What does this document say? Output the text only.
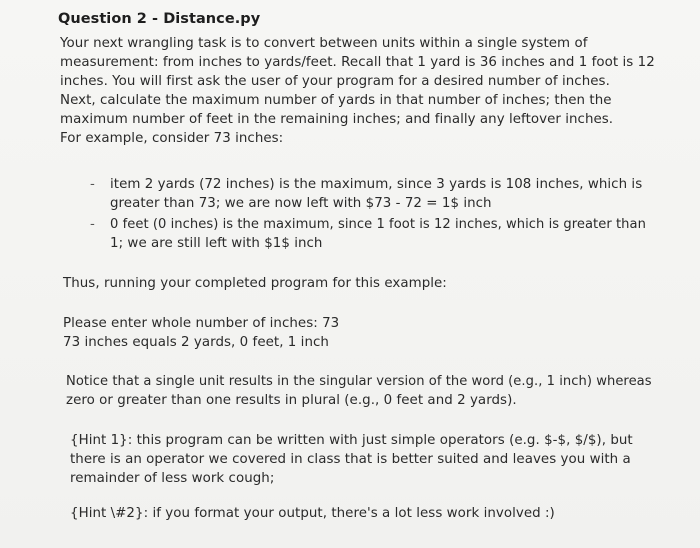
Question 2 - Distance.py
Your next wrangling task is to convert between units within a single system of
measurement: from inches to yards/feet. Recall that 1 yard is 36 inches and 1 foot is 12
inches. You will first ask the user of your program for a desired number of inches.
Next, calculate the maximum number of yards in that number of inches; then the
maximum number of feet in the remaining inches; and finally any leftover inches.
For example, consider 73 inches:
- item 2 yards (72 inches) is the maximum, since 3 yards is 108 inches, which is
greater than 73; we are now left with $73 - 72 = 1$ inch
- 0 feet (0 inches) is the maximum, since 1 foot is 12 inches, which is greater than
1; we are still left with $1$ inch
Thus, running your completed program for this example:
Please enter whole number of inches: 73
73 inches equals 2 yards, 0 feet, 1 inch
Notice that a single unit results in the singular version of the word (e.g., 1 inch) whereas
zero or greater than one results in plural (e.g., 0 feet and 2 yards).
{Hint 1}: this program can be written with just simple operators (e.g. $-$, $/$), but
there is an operator we covered in class that is better suited and leaves you with a
remainder of less work cough;
{Hint \#2}: if you format your output, there's a lot less work involved :)
